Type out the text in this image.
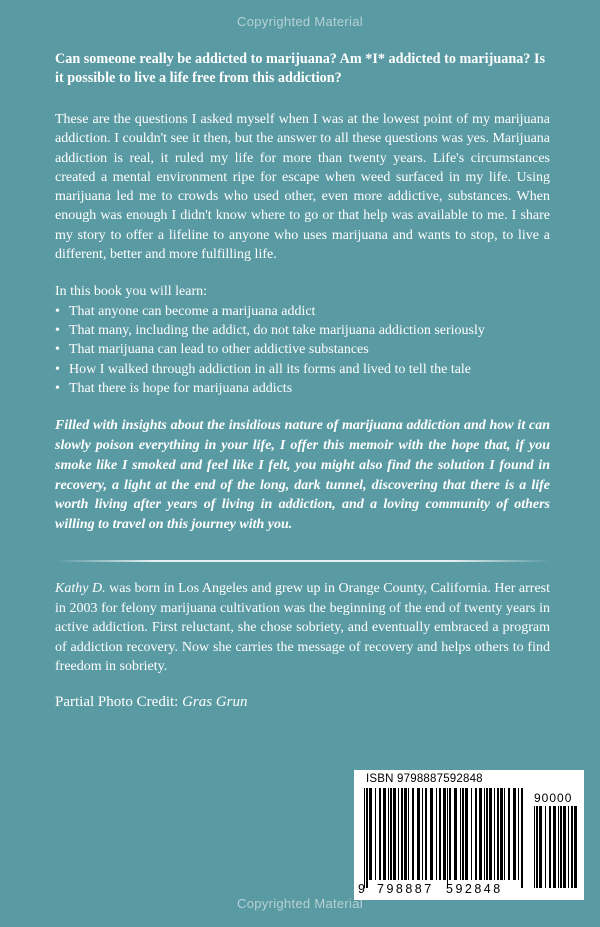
Copyrighted Material

Can someone really be addicted to marijuana? Am *I* addicted to marijuana? Is it possible to live a life free from this addiction?

These are the questions I asked myself when I was at the lowest point of my marijuana addiction. I couldn't see it then, but the answer to all these questions was yes. Marijuana addiction is real, it ruled my life for more than twenty years. Life's circumstances created a mental environment ripe for escape when weed surfaced in my life. Using marijuana led me to crowds who used other, even more addictive, substances. When enough was enough I didn't know where to go or that help was available to me. I share my story to offer a lifeline to anyone who uses marijuana and wants to stop, to live a different, better and more fulfilling life.

In this book you will learn:

• That anyone can become a marijuana addict
• That many, including the addict, do not take marijuana addiction seriously
• That marijuana can lead to other addictive substances
• How I walked through addiction in all its forms and lived to tell the tale
• That there is hope for marijuana addicts

Filled with insights about the insidious nature of marijuana addiction and how it can slowly poison everything in your life, I offer this memoir with the hope that, if you smoke like I smoked and feel like I felt, you might also find the solution I found in recovery, a light at the end of the long, dark tunnel, discovering that there is a life worth living after years of living in addiction, and a loving community of others willing to travel on this journey with you.

Kathy D. was born in Los Angeles and grew up in Orange County, California. Her arrest in 2003 for felony marijuana cultivation was the beginning of the end of twenty years in active addiction. First reluctant, she chose sobriety, and eventually embraced a program of addiction recovery. Now she carries the message of recovery and helps others to find freedom in sobriety.

Partial Photo Credit: Gras Grun

ISBN 9798887592848
90000
9 798887 592848
Copyrighted Material
